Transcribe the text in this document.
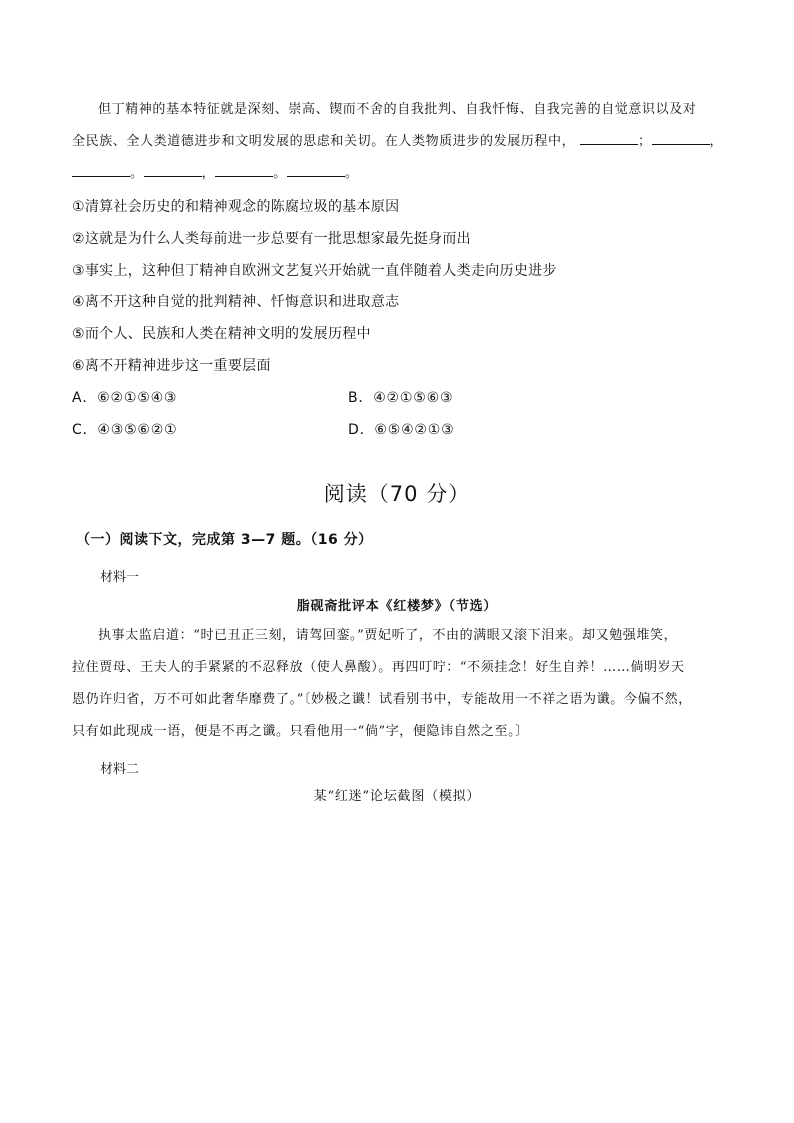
但丁精神的基本特征就是深刻、崇高、锲而不舍的自我批判、自我忏悔、自我完善的自觉意识以及对
全民族、全人类道德进步和文明发展的思虑和关切。在人类物质进步的发展历程中，	；	，
。	，	。	。
①清算社会历史的和精神观念的陈腐垃圾的基本原因
②这就是为什么人类每前进一步总要有一批思想家最先挺身而出
③事实上，这种但丁精神自欧洲文艺复兴开始就一直伴随着人类走向历史进步
④离不开这种自觉的批判精神、忏悔意识和进取意志
⑤而个人、民族和人类在精神文明的发展历程中
⑥离不开精神进步这一重要层面
A．⑥②①⑤④③	B．④②①⑤⑥③
C．④③⑤⑥②①	D．⑥⑤④②①③
阅读（70 分）
（一）阅读下文，完成第 3—7 题。（16 分）
材料一
脂砚斋批评本《红楼梦》（节选）
执事太监启道：“时已丑正三刻，请驾回銮。”贾妃听了，不由的满眼又滚下泪来。却又勉强堆笑，
拉住贾母、王夫人的手紧紧的不忍释放（使人鼻酸）。再四叮咛：“不须挂念！好生自养！……倘明岁天
恩仍许归省，万不可如此奢华靡费了。”〔妙极之谶！试看别书中，专能故用一不祥之语为谶。今偏不然，
只有如此现成一语，便是不再之谶。只看他用一“倘”字，便隐讳自然之至。〕
材料二
某“红迷”论坛截图（模拟）
